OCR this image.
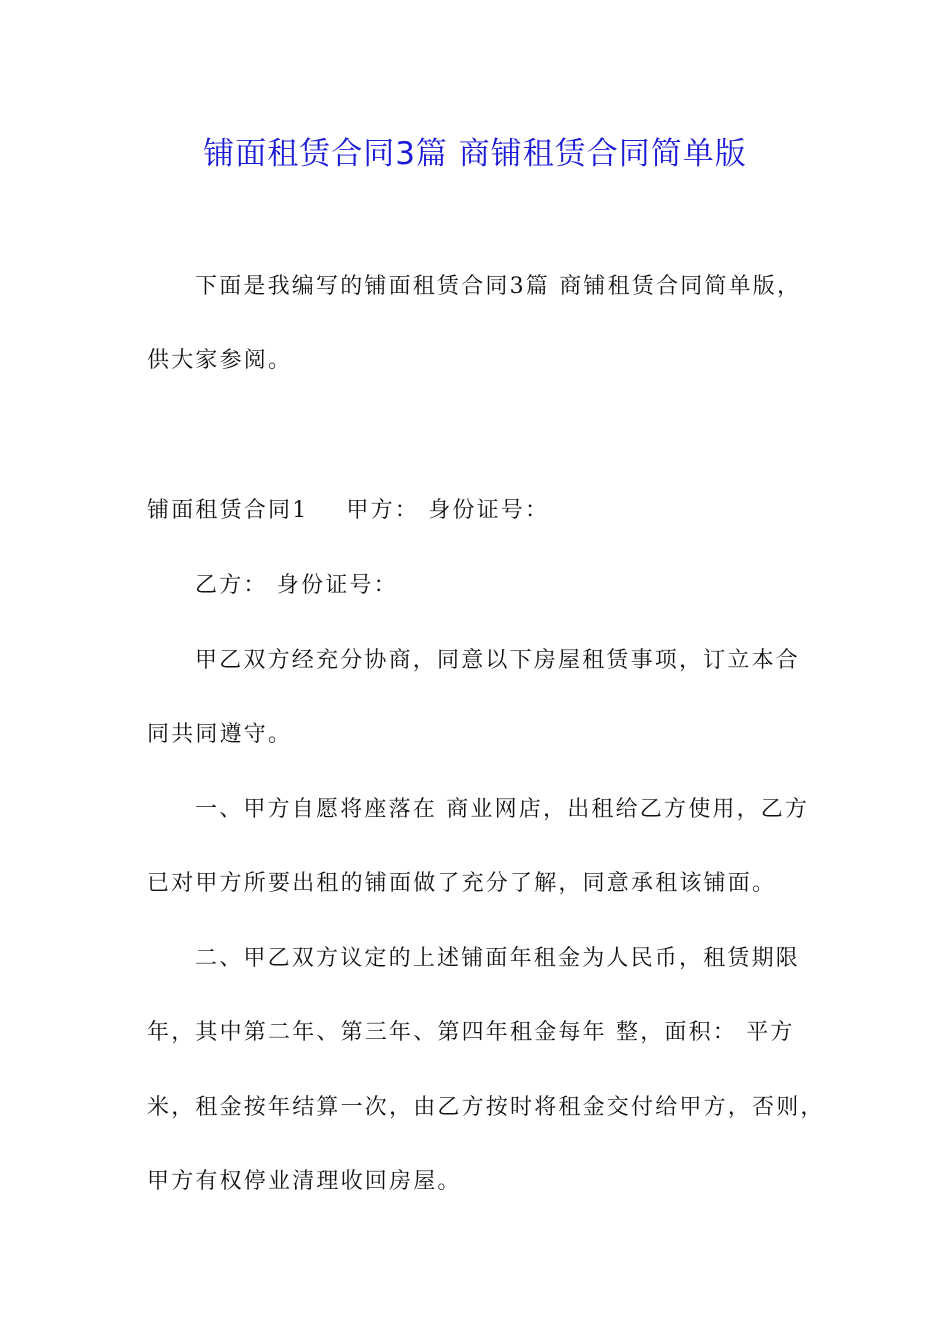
铺面租赁合同3篇 商铺租赁合同简单版

下面是我编写的铺面租赁合同3篇 商铺租赁合同简单版，

供大家参阅。

铺面租赁合同1 甲方： 身份证号：

乙方： 身份证号：

甲乙双方经充分协商，同意以下房屋租赁事项，订立本合

同共同遵守。

一、甲方自愿将座落在 商业网店，出租给乙方使用，乙方

已对甲方所要出租的铺面做了充分了解，同意承租该铺面。

二、甲乙双方议定的上述铺面年租金为人民币，租赁期限

年，其中第二年、第三年、第四年租金每年 整，面积： 平方

米，租金按年结算一次，由乙方按时将租金交付给甲方，否则，

甲方有权停业清理收回房屋。
